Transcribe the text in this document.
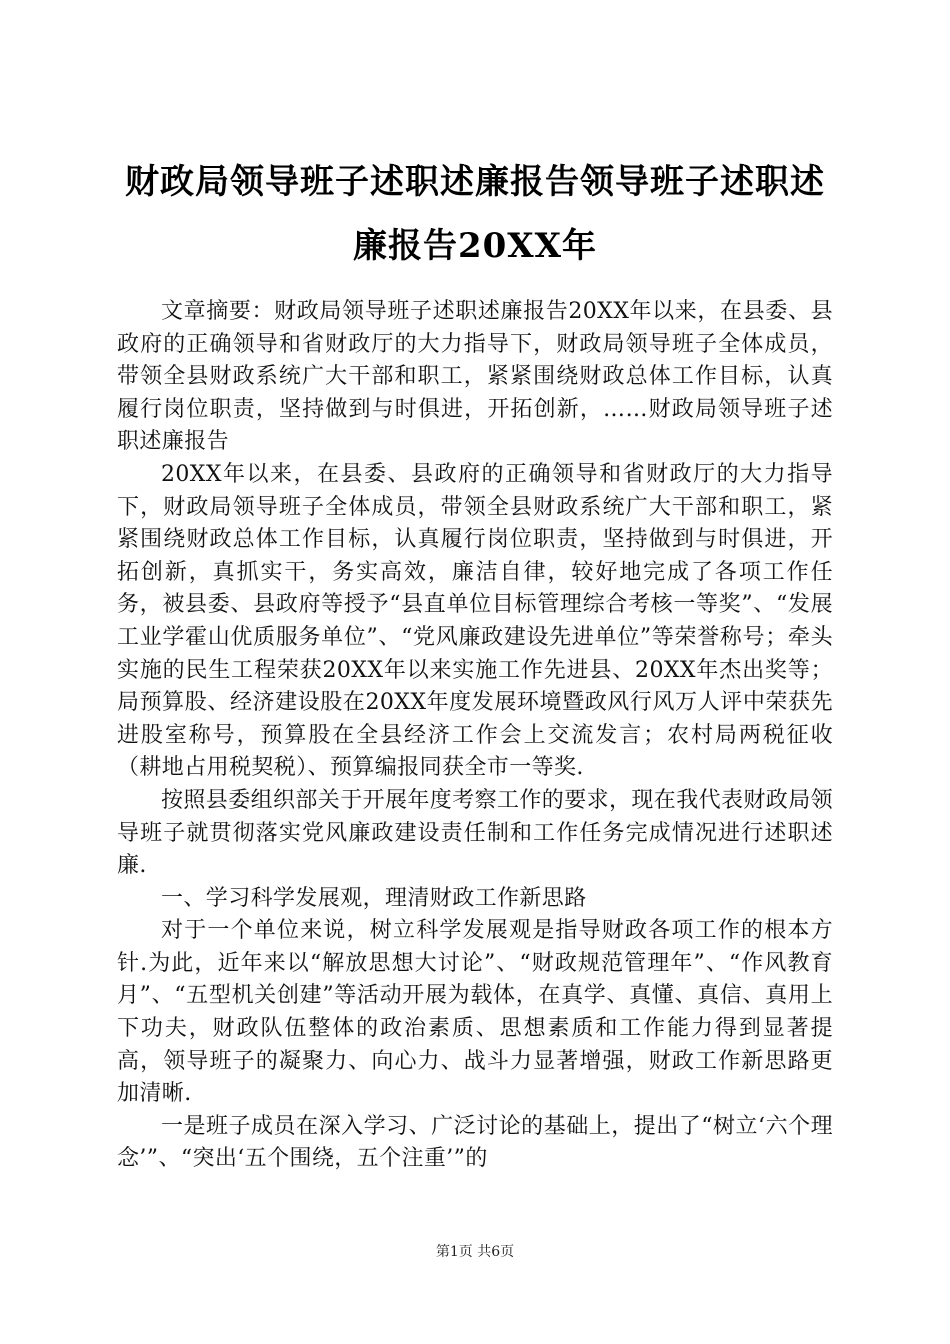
财政局领导班子述职述廉报告领导班子述职述廉报告20XX年

文章摘要：财政局领导班子述职述廉报告20XX年以来，在县委、县政府的正确领导和省财政厅的大力指导下，财政局领导班子全体成员，带领全县财政系统广大干部和职工，紧紧围绕财政总体工作目标，认真履行岗位职责，坚持做到与时俱进，开拓创新，……财政局领导班子述职述廉报告

20XX年以来，在县委、县政府的正确领导和省财政厅的大力指导下，财政局领导班子全体成员，带领全县财政系统广大干部和职工，紧紧围绕财政总体工作目标，认真履行岗位职责，坚持做到与时俱进，开拓创新，真抓实干，务实高效，廉洁自律，较好地完成了各项工作任务，被县委、县政府等授予“县直单位目标管理综合考核一等奖”、“发展工业学霍山优质服务单位”、“党风廉政建设先进单位”等荣誉称号；牵头实施的民生工程荣获20XX年以来实施工作先进县、20XX年杰出奖等；局预算股、经济建设股在20XX年度发展环境暨政风行风万人评中荣获先进股室称号，预算股在全县经济工作会上交流发言；农村局两税征收（耕地占用税契税）、预算编报同获全市一等奖.

按照县委组织部关于开展年度考察工作的要求，现在我代表财政局领导班子就贯彻落实党风廉政建设责任制和工作任务完成情况进行述职述廉.

一、学习科学发展观，理清财政工作新思路

对于一个单位来说，树立科学发展观是指导财政各项工作的根本方针.为此，近年来以“解放思想大讨论”、“财政规范管理年”、“作风教育月”、“五型机关创建”等活动开展为载体，在真学、真懂、真信、真用上下功夫，财政队伍整体的政治素质、思想素质和工作能力得到显著提高，领导班子的凝聚力、向心力、战斗力显著增强，财政工作新思路更加清晰.

一是班子成员在深入学习、广泛讨论的基础上，提出了“树立‘六个理念’”、“突出‘五个围绕，五个注重’”的

第1页 共6页
